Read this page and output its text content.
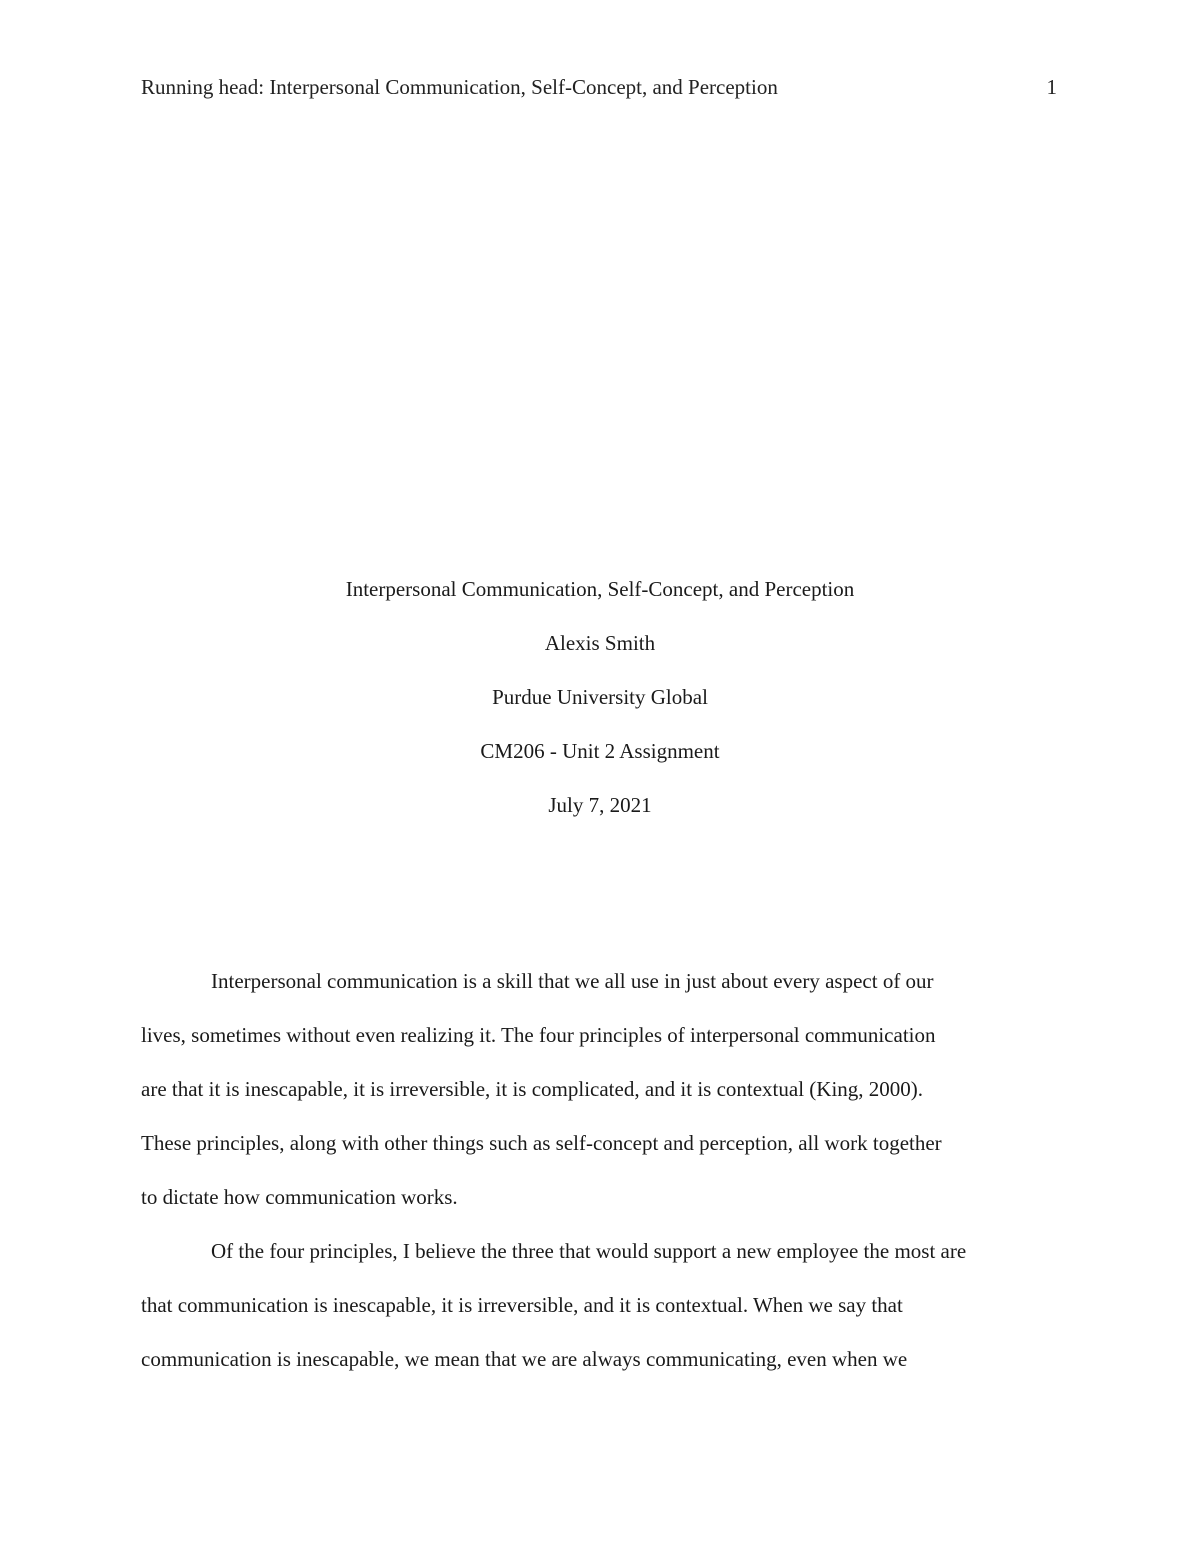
Running head: Interpersonal Communication, Self-Concept, and Perception	1
Interpersonal Communication, Self-Concept, and Perception
Alexis Smith
Purdue University Global
CM206 - Unit 2 Assignment
July 7, 2021
Interpersonal communication is a skill that we all use in just about every aspect of our
lives, sometimes without even realizing it. The four principles of interpersonal communication
are that it is inescapable, it is irreversible, it is complicated, and it is contextual (King, 2000).
These principles, along with other things such as self-concept and perception, all work together
to dictate how communication works.
Of the four principles, I believe the three that would support a new employee the most are
that communication is inescapable, it is irreversible, and it is contextual. When we say that
communication is inescapable, we mean that we are always communicating, even when we
